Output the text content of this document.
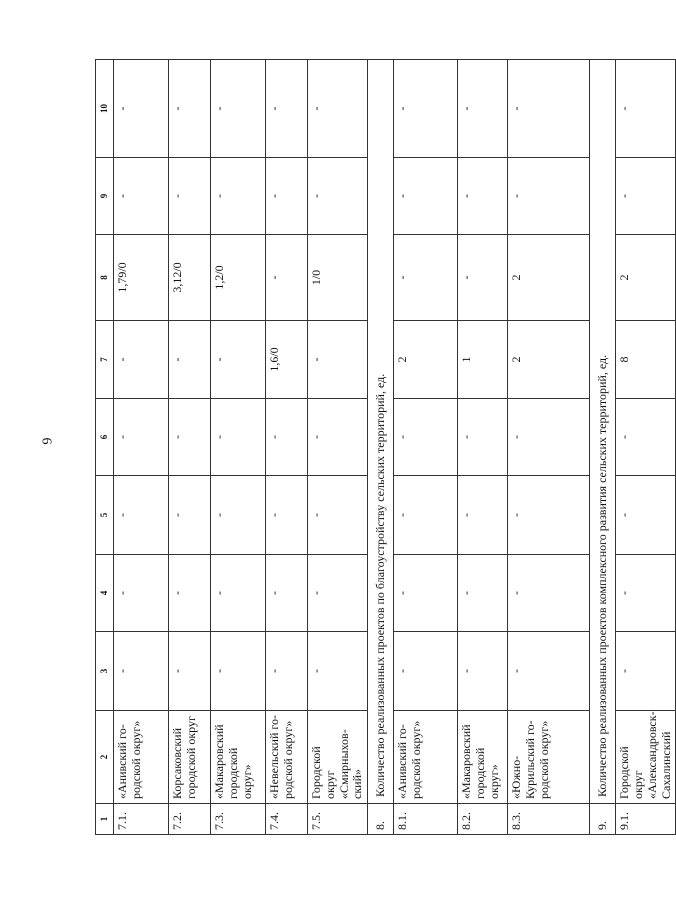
6
1	2	3	4	5	6	7	8	9	10
7.1.	«Анивский го-родской округ»	-	-	-	-	-	1,79/0	-	-
7.2.	Корсаковский городской округ	-	-	-	-	-	3,12/0	-	-
7.3.	«Макаровский городской округ»	-	-	-	-	-	1,2/0	-	-
7.4.	«Невельский го-родской округ»	-	-	-	-	1,6/0	-	-	-
7.5.	Городской округ «Смирныхов-ский»	-	-	-	-	-	1/0	-	-
8.	Количество реализованных проектов по благоустройству сельских территорий, ед.								
8.1.	«Анивский го-родской округ»	-	-	-	-	2	-	-	-
8.2.	«Макаровский городской округ»	-	-	-	-	1	-	-	-
8.3.	«Южно-Курильский го-родской округ»	-	-	-	-	2	2	-	-
9.	Количество реализованных проектов комплексного развития сельских территорий, ед.								
9.1.	Городской округ «Александровск-Сахалинский	-	-	-	-	8	2	-	-
